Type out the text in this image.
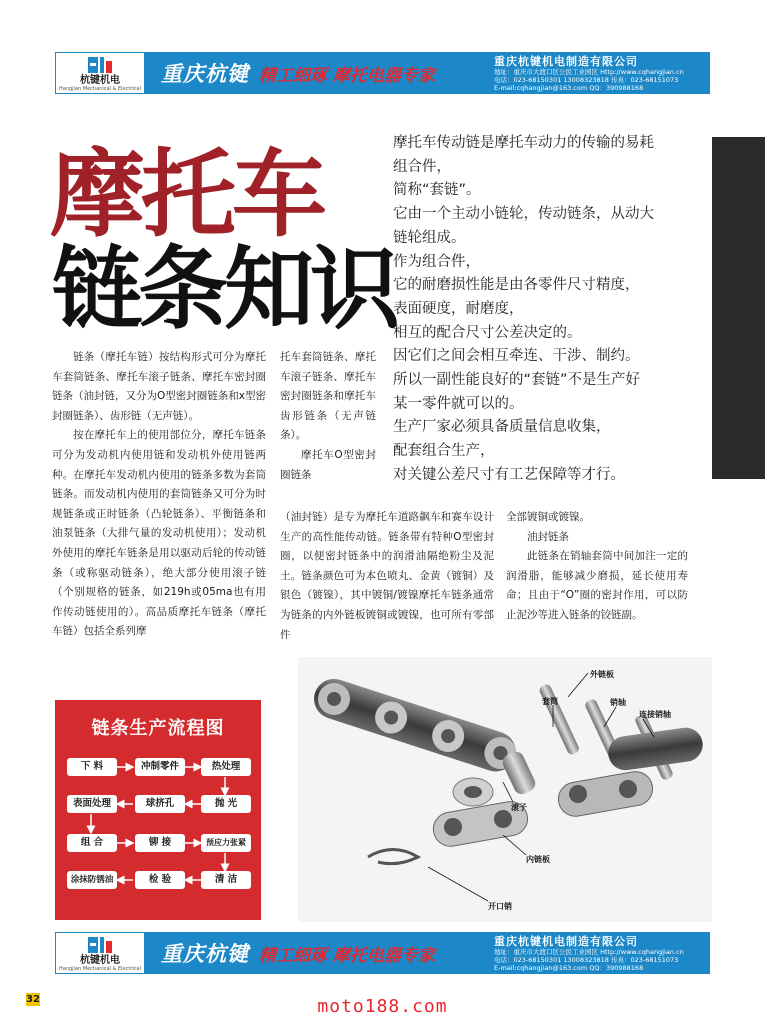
杭键机电
Hangjian Mechanical & Electrical
重庆杭键 精工细琢 摩托电器专家
重庆杭键机电制造有限公司
地址：重庆市大渡口区公民工业园区 Http://www.cqhangjian.cn
电话：023-68150301 13008323818 传真：023-68151073
E-mail:cqhangjian@163.com QQ：390988168
摩托车
链条知识
摩托车传动链是摩托车动力的传输的易耗
组合件，
简称“套链”。
它由一个主动小链轮，传动链条，从动大
链轮组成。
作为组合件，
它的耐磨损性能是由各零件尺寸精度，
表面硬度，耐磨度，
相互的配合尺寸公差决定的。
因它们之间会相互牵连、干涉、制约。
所以一副性能良好的“套链”不是生产好
某一零件就可以的。
生产厂家必须具备质量信息收集，
配套组合生产，
对关键公差尺寸有工艺保障等才行。

链条（摩托车链）按结构形式可分为摩托车套筒链条、摩托车滚子链条、摩托车密封圈链条（油封链，又分为O型密封圈链条和x型密封圈链条）、齿形链（无声链）。

按在摩托车上的使用部位分，摩托车链条可分为发动机内使用链和发动机外使用链两种。在摩托车发动机内使用的链条多数为套筒链条。而发动机内使用的套筒链条又可分为时规链条或正时链条（凸轮链条）、平衡链条和油泵链条（大排气量的发动机使用）；发动机外使用的摩托车链条是用以驱动后轮的传动链条（或称驱动链条），绝大部分使用滚子链（个别规格的链条，如219h或05ma也有用作传动链使用的）。高品质摩托车链条（摩托车链）包括全系列摩

托车套筒链条、摩托车滚子链条、摩托车密封圈链条和摩托车齿形链条（无声链条）。

摩托车O型密封圈链条

（油封链）是专为摩托车道路飙车和赛车设计生产的高性能传动链。链条带有特种O型密封圈，以便密封链条中的润滑油隔绝粉尘及泥土。链条颜色可为本色喷丸、金黄（镀铜）及银色（镀镍），其中镀铜/镀镍摩托车链条通常为链条的内外链板镀铜或镀镍，也可所有零部件

全部镀铜或镀镍。

油封链条

此链条在销轴套筒中间加注一定的润滑脂，能够减少磨损，延长使用寿命；且由于“O”圈的密封作用，可以防止泥沙等进入链条的铰链副。

链条生产流程图
下 料	冲制零件	热处理
抛 光
球挤孔
表面处理
组 合	铆 接	预应力张紧
清 洁
检 验
涂抹防锈油
外链板
套筒	销轴
连接销轴
滚子
内链板
开口销
杭键机电
Hangjian Mechanical & Electrical
重庆杭键 精工细琢 摩托电器专家
重庆杭键机电制造有限公司
地址：重庆市大渡口区公民工业园区 Http://www.cqhangjian.cn
电话：023-68150301 13008323818 传真：023-68151073
E-mail:cqhangjian@163.com QQ：390988168
32	moto188.com
